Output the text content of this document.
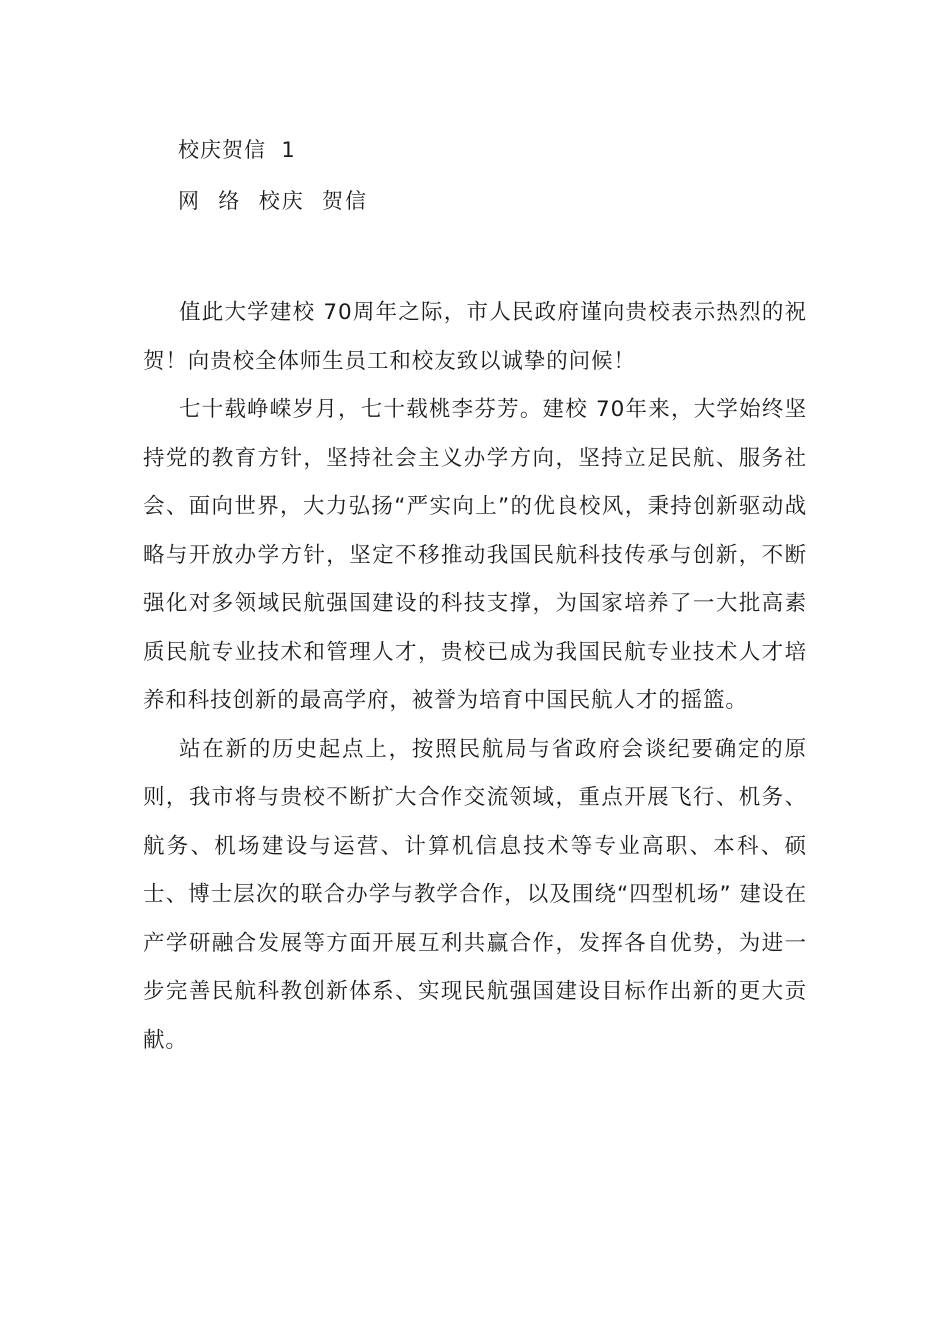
校庆贺信  1
网  络  校庆  贺信

值此大学建校 70周年之际，市人民政府谨向贵校表示热烈的祝贺！向贵校全体师生员工和校友致以诚挚的问候！

七十载峥嵘岁月，七十载桃李芬芳。建校 70年来，大学始终坚持党的教育方针，坚持社会主义办学方向，坚持立足民航、服务社会、面向世界，大力弘扬“严实向上”的优良校风，秉持创新驱动战略与开放办学方针，坚定不移推动我国民航科技传承与创新，不断强化对多领域民航强国建设的科技支撑，为国家培养了一大批高素质民航专业技术和管理人才，贵校已成为我国民航专业技术人才培养和科技创新的最高学府，被誉为培育中国民航人才的摇篮。

站在新的历史起点上，按照民航局与省政府会谈纪要确定的原则，我市将与贵校不断扩大合作交流领域，重点开展飞行、机务、航务、机场建设与运营、计算机信息技术等专业高职、本科、硕士、博士层次的联合办学与教学合作，以及围绕“四型机场” 建设在产学研融合发展等方面开展互利共赢合作，发挥各自优势，为进一步完善民航科教创新体系、实现民航强国建设目标作出新的更大贡献。
